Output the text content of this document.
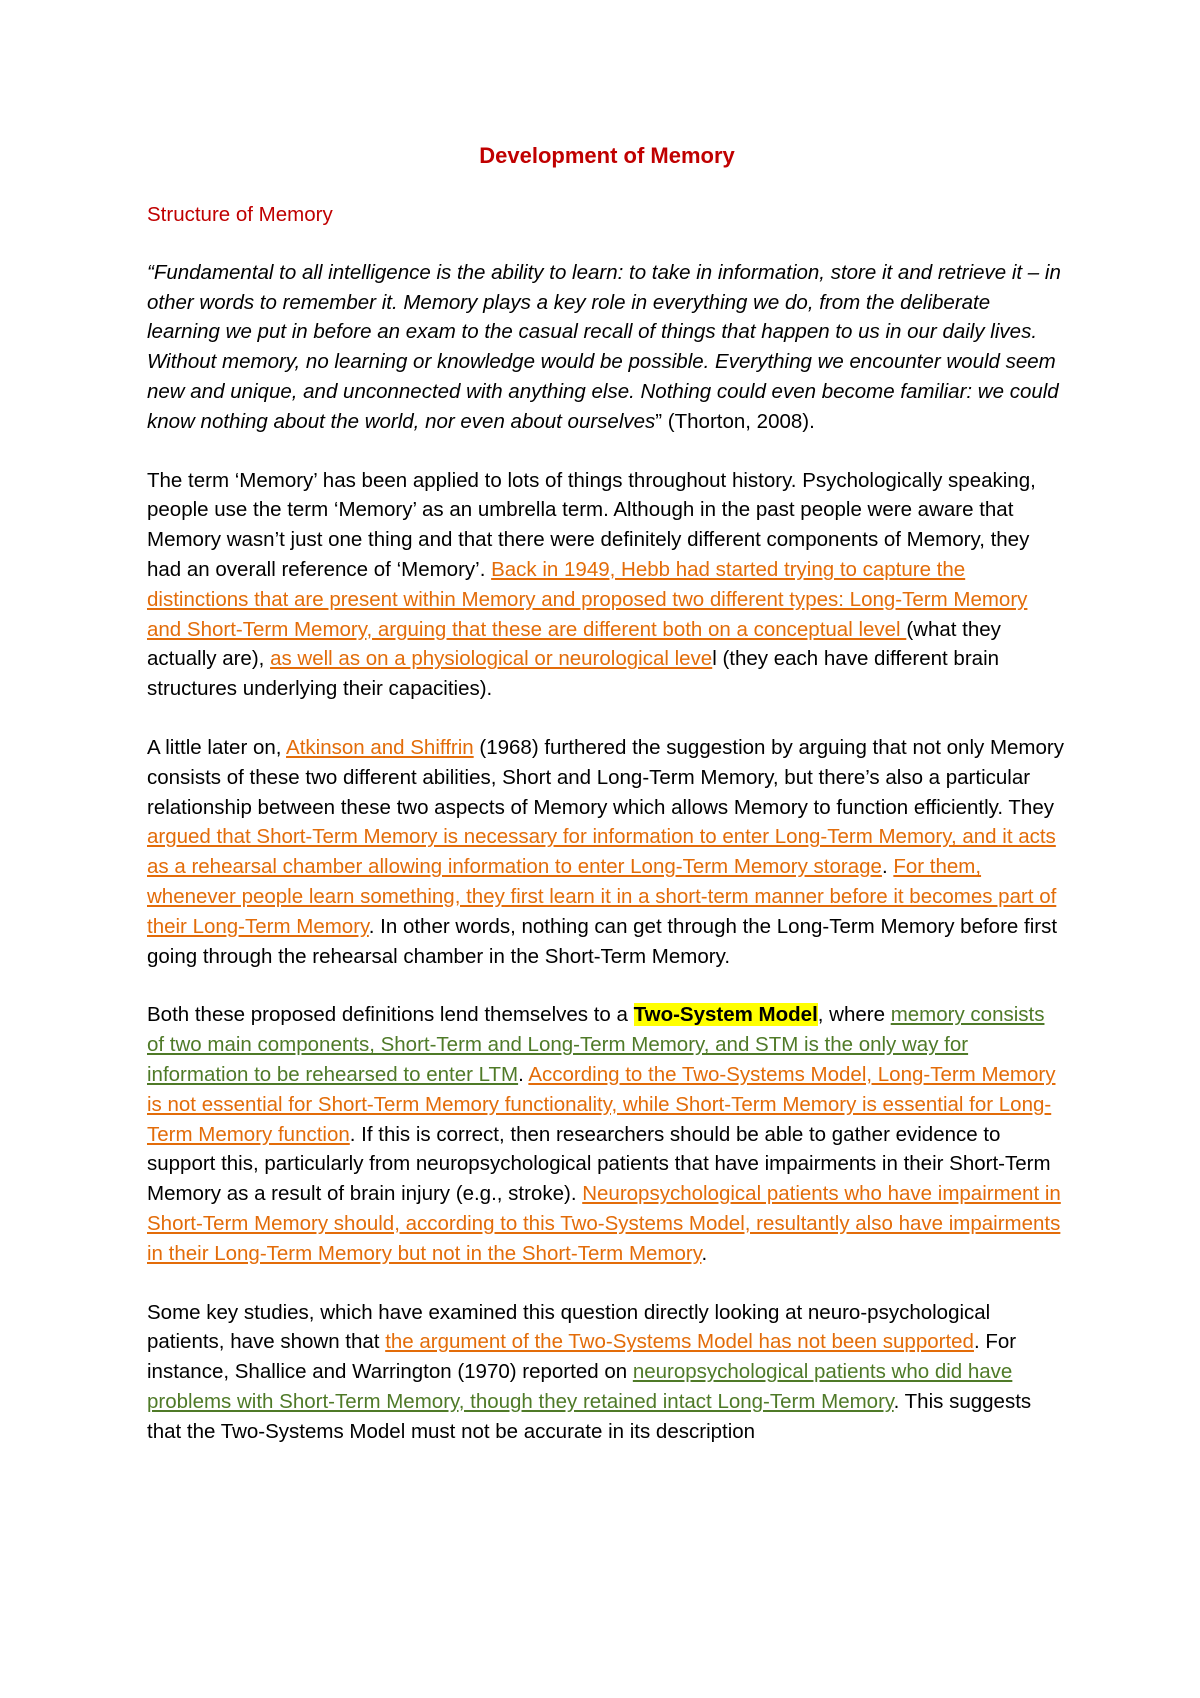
Development of Memory
Structure of Memory

“Fundamental to all intelligence is the ability to learn: to take in information, store it and retrieve it – in other words to remember it. Memory plays a key role in everything we do, from the deliberate learning we put in before an exam to the casual recall of things that happen to us in our daily lives. Without memory, no learning or knowledge would be possible. Everything we encounter would seem new and unique, and unconnected with anything else. Nothing could even become familiar: we could know nothing about the world, nor even about ourselves” (Thorton, 2008).

The term ‘Memory’ has been applied to lots of things throughout history. Psychologically speaking, people use the term ‘Memory’ as an umbrella term. Although in the past people were aware that Memory wasn’t just one thing and that there were definitely different components of Memory, they had an overall reference of ‘Memory’. Back in 1949, Hebb had started trying to capture the distinctions that are present within Memory and proposed two different types: Long-Term Memory and Short-Term Memory, arguing that these are different both on a conceptual level (what they actually are), as well as on a physiological or neurological level (they each have different brain structures underlying their capacities).

A little later on, Atkinson and Shiffrin (1968) furthered the suggestion by arguing that not only Memory consists of these two different abilities, Short and Long-Term Memory, but there’s also a particular relationship between these two aspects of Memory which allows Memory to function efficiently. They argued that Short-Term Memory is necessary for information to enter Long-Term Memory, and it acts as a rehearsal chamber allowing information to enter Long-Term Memory storage. For them, whenever people learn something, they first learn it in a short-term manner before it becomes part of their Long-Term Memory. In other words, nothing can get through the Long-Term Memory before first going through the rehearsal chamber in the Short-Term Memory.

Both these proposed definitions lend themselves to a Two-System Model, where memory consists of two main components, Short-Term and Long-Term Memory, and STM is the only way for information to be rehearsed to enter LTM. According to the Two-Systems Model, Long-Term Memory is not essential for Short-Term Memory functionality, while Short-Term Memory is essential for Long-Term Memory function. If this is correct, then researchers should be able to gather evidence to support this, particularly from neuropsychological patients that have impairments in their Short-Term Memory as a result of brain injury (e.g., stroke). Neuropsychological patients who have impairment in Short-Term Memory should, according to this Two-Systems Model, resultantly also have impairments in their Long-Term Memory but not in the Short-Term Memory.

Some key studies, which have examined this question directly looking at neuro-psychological patients, have shown that the argument of the Two-Systems Model has not been supported. For instance, Shallice and Warrington (1970) reported on neuropsychological patients who did have problems with Short-Term Memory, though they retained intact Long-Term Memory. This suggests that the Two-Systems Model must not be accurate in its description
